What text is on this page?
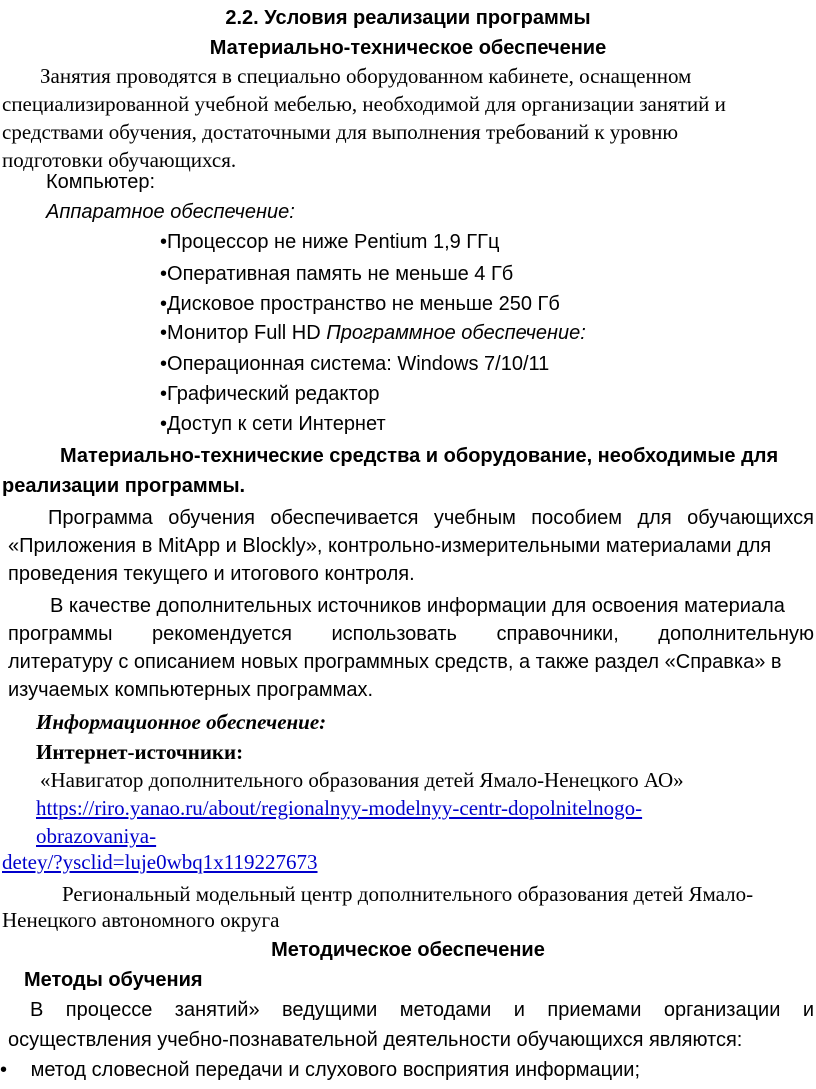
2.2. Условия реализации программы
Материально-техническое обеспечение
Занятия проводятся в специально оборудованном кабинете, оснащенном
специализированной учебной мебелью, необходимой для организации занятий и
средствами обучения, достаточными для выполнения требований к уровню
подготовки обучающихся.
Компьютер:
Аппаратное обеспечение:
•Процессор не ниже Pentium 1,9 ГГц
•Оперативная память не меньше 4 Гб
•Дисковое пространство не меньше 250 Гб
•Монитор Full HD Программное обеспечение:
•Операционная система: Windows 7/10/11
•Графический редактор
•Доступ к сети Интернет
Материально-технические средства и оборудование, необходимые для
реализации программы.
Программа обучения обеспечивается учебным пособием для обучающихся
«Приложения в MitApp и Blockly», контрольно-измерительными материалами для
проведения текущего и итогового контроля.
В качестве дополнительных источников информации для освоения материала
программы рекомендуется использовать справочники, дополнительную
литературу с описанием новых программных средств, а также раздел «Справка» в
изучаемых компьютерных программах.
Информационное обеспечение:
Интернет-источники:
«Навигатор дополнительного образования детей Ямало-Ненецкого АО»
https://riro.yanao.ru/about/regionalnyy-modelnyy-centr-dopolnitelnogo-
obrazovaniya-
detey/?ysclid=luje0wbq1x119227673
Региональный модельный центр дополнительного образования детей Ямало-
Ненецкого автономного округа
Методическое обеспечение
Методы обучения
В процессе занятий» ведущими методами и приемами организации и
осуществления учебно-познавательной деятельности обучающихся являются:
• метод словесной передачи и слухового восприятия информации;
